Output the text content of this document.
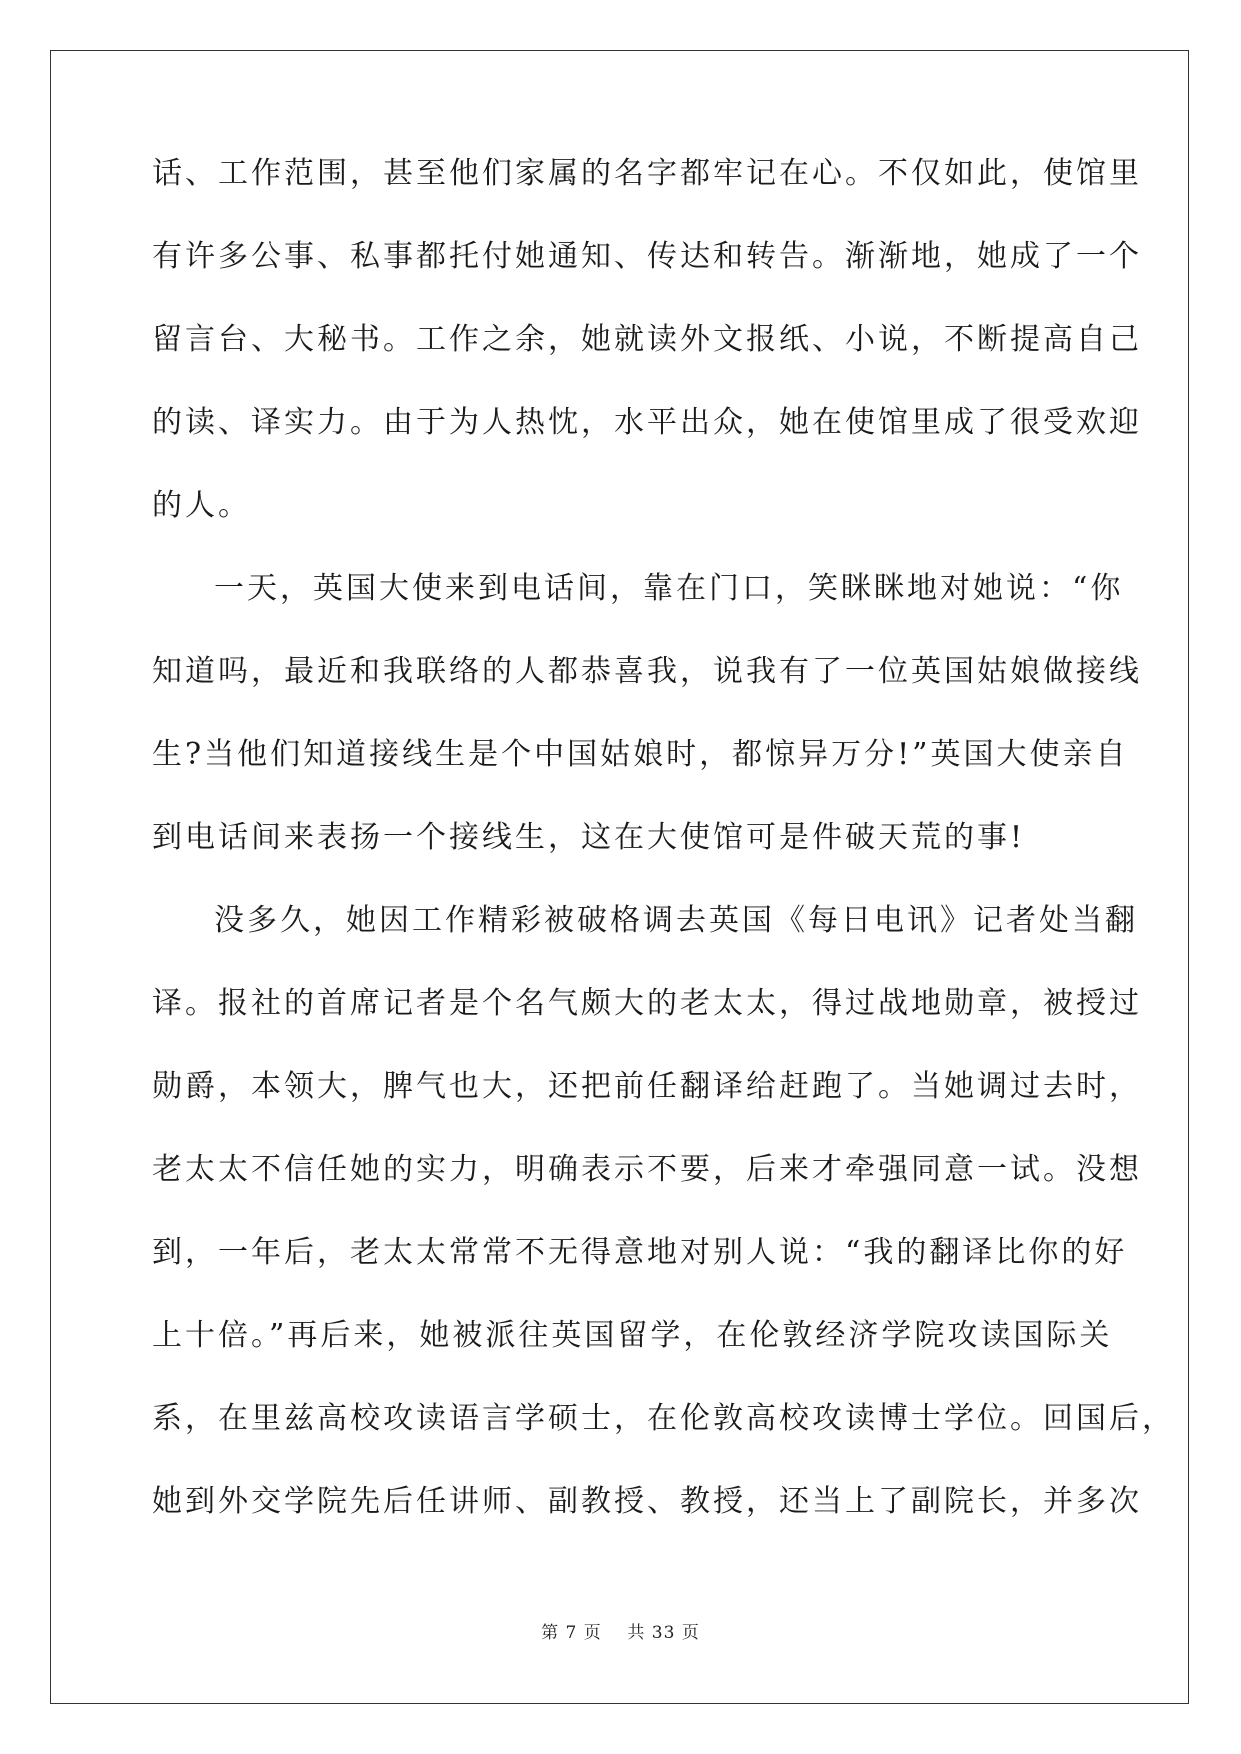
话、工作范围，甚至他们家属的名字都牢记在心。不仅如此，使馆里
有许多公事、私事都托付她通知、传达和转告。渐渐地，她成了一个
留言台、大秘书。工作之余，她就读外文报纸、小说，不断提高自己
的读、译实力。由于为人热忱，水平出众，她在使馆里成了很受欢迎
的人。
一天，英国大使来到电话间，靠在门口，笑眯眯地对她说：“你
知道吗，最近和我联络的人都恭喜我，说我有了一位英国姑娘做接线
生?当他们知道接线生是个中国姑娘时，都惊异万分!”英国大使亲自
到电话间来表扬一个接线生，这在大使馆可是件破天荒的事!
没多久，她因工作精彩被破格调去英国《每日电讯》记者处当翻
译。报社的首席记者是个名气颇大的老太太，得过战地勋章，被授过
勋爵，本领大，脾气也大，还把前任翻译给赶跑了。当她调过去时，
老太太不信任她的实力，明确表示不要，后来才牵强同意一试。没想
到，一年后，老太太常常不无得意地对别人说：“我的翻译比你的好
上十倍。”再后来，她被派往英国留学，在伦敦经济学院攻读国际关
系，在里兹高校攻读语言学硕士，在伦敦高校攻读博士学位。回国后，
她到外交学院先后任讲师、副教授、教授，还当上了副院长，并多次
第 7 页    共 33 页
